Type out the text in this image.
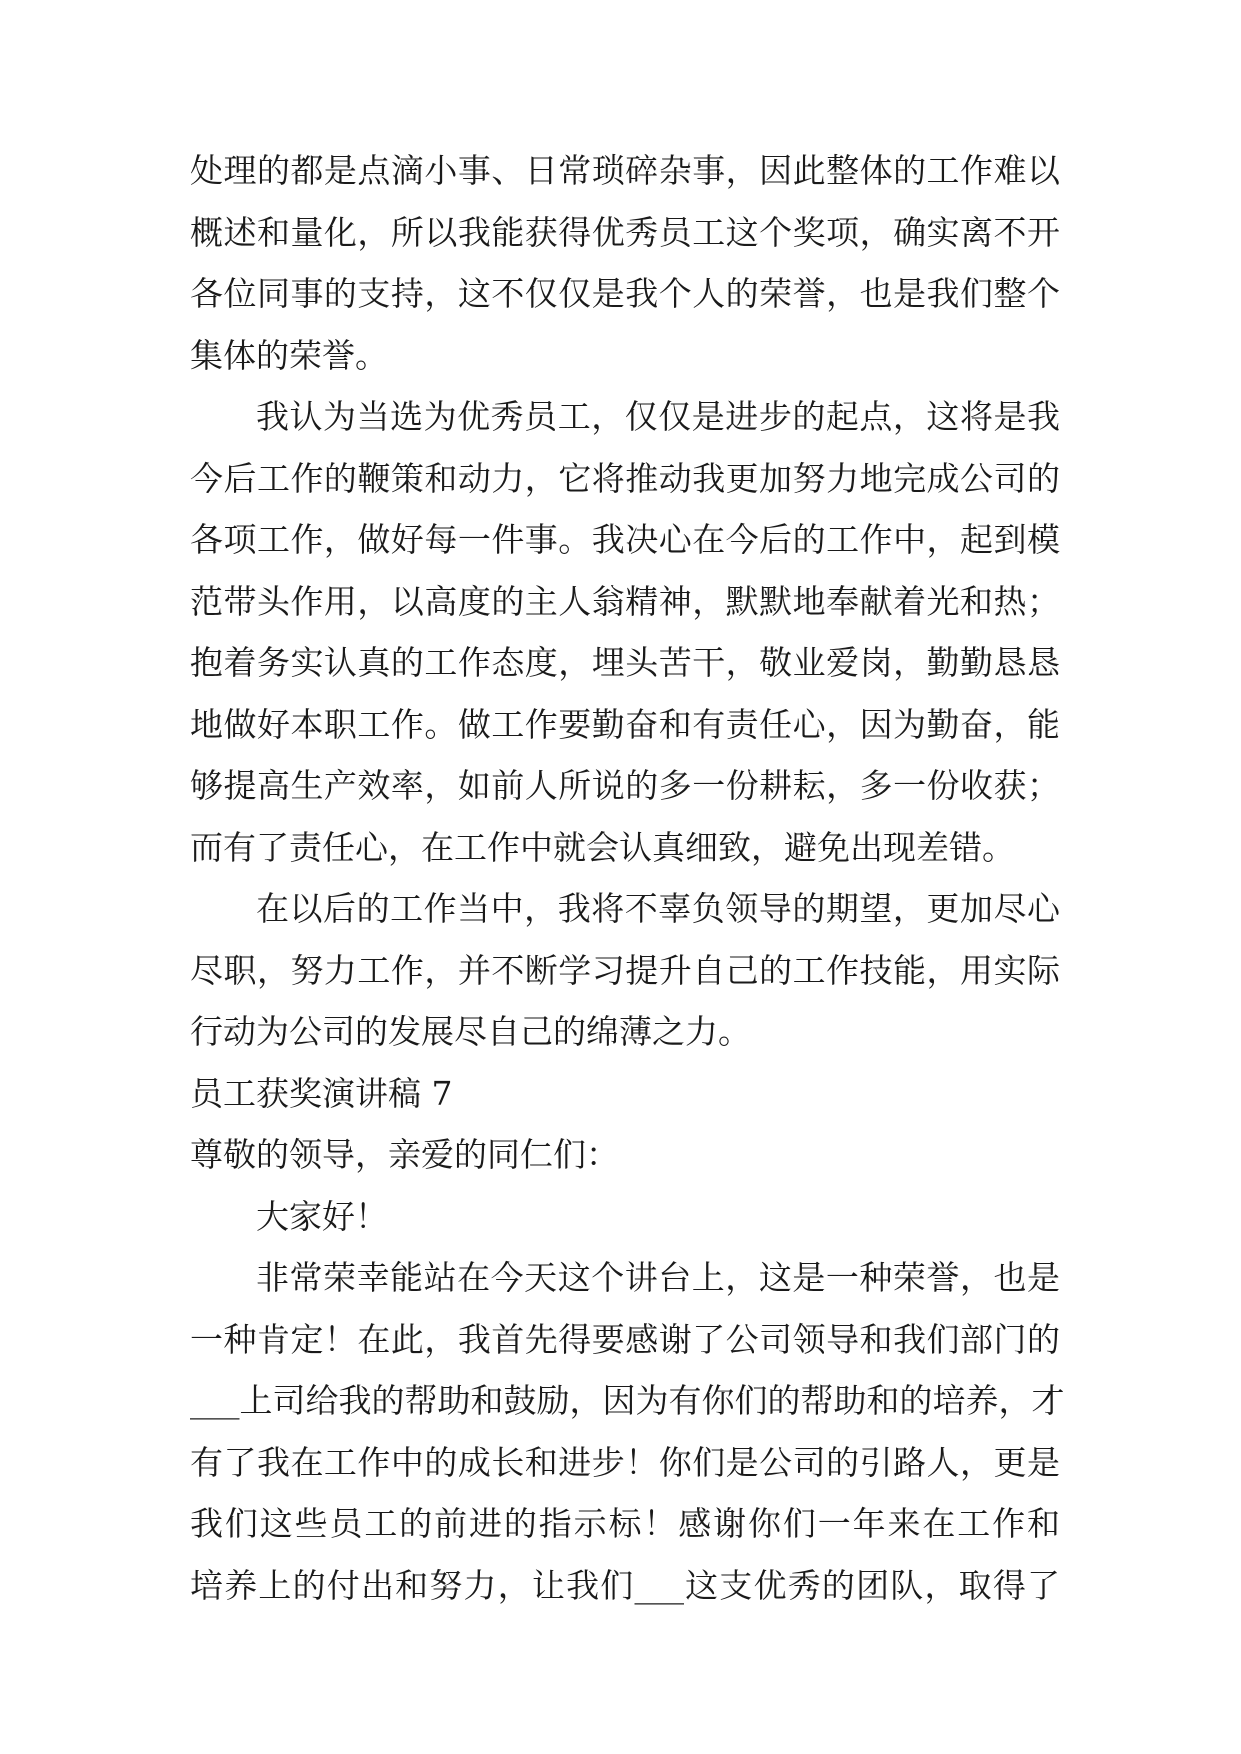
处理的都是点滴小事、日常琐碎杂事，因此整体的工作难以
概述和量化，所以我能获得优秀员工这个奖项，确实离不开
各位同事的支持，这不仅仅是我个人的荣誉，也是我们整个
集体的荣誉。
我认为当选为优秀员工，仅仅是进步的起点，这将是我
今后工作的鞭策和动力，它将推动我更加努力地完成公司的
各项工作，做好每一件事。我决心在今后的工作中，起到模
范带头作用，以高度的主人翁精神，默默地奉献着光和热；
抱着务实认真的工作态度，埋头苦干，敬业爱岗，勤勤恳恳
地做好本职工作。做工作要勤奋和有责任心，因为勤奋，能
够提高生产效率，如前人所说的多一份耕耘，多一份收获；
而有了责任心，在工作中就会认真细致，避免出现差错。
在以后的工作当中，我将不辜负领导的期望，更加尽心
尽职，努力工作，并不断学习提升自己的工作技能，用实际
行动为公司的发展尽自己的绵薄之力。
员工获奖演讲稿 7
尊敬的领导，亲爱的同仁们：
大家好！
非常荣幸能站在今天这个讲台上，这是一种荣誉，也是
一种肯定！在此，我首先得要感谢了公司领导和我们部门的
___上司给我的帮助和鼓励，因为有你们的帮助和的培养，才
有了我在工作中的成长和进步！你们是公司的引路人，更是
我们这些员工的前进的指示标！感谢你们一年来在工作和
培养上的付出和努力，让我们___这支优秀的团队，取得了
